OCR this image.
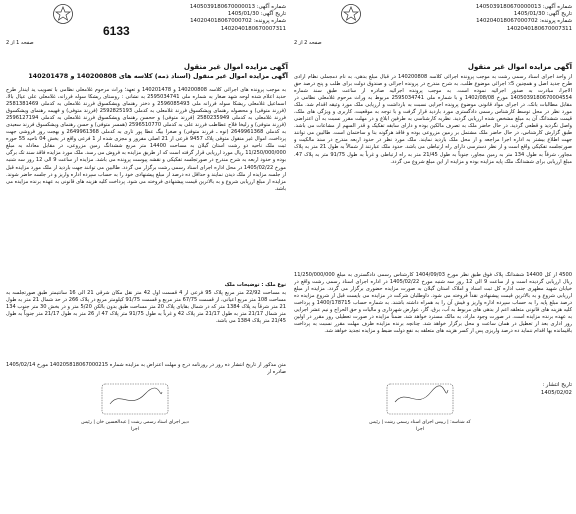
شماره آگهی: 1405039180670000013
تاریخ آگهی: 1405/01/30
شماره پرونده: 140204018067000702
1402040180670007311
6133
صفحه 1 از 2
آگهی مزایده اموال غیر منقول
آگهی مزایده اموال غیر منقول (اسناد ذمه) کلاسه های 140200808 و 140201478
به موجب پرونده های اجرائی کلاسه 140200808 و 140201478 و تعهد؛ وراث مرحوم غلامعلی نظامی با تصویب ید ایندار طرح حدید اعلام شده لوحه شهد صغار به شماره ملی 2595034741 به نشانی : روستای ریشکا سوله فرزانه، غلامعلی علی عیال بالا، اسماعیل غلامعلی ریشکا سوله فرزانه ملی 2596085493 و دختر رهنمای ویشکسوق فرزند غلامعلی به کدملی 2581381469 (فرزند متوفی) و محصوله رهنمای ویشکسوق فرزند غلامعلی به کدملی 2592825193 (فرزند متوفی) و فهیمه رهنمای ویشکسوق فرزند غلامعلی به کدملی 2580235949 (فرزند متوفی) و ححسن رهنمای ویشکسوق فرزند غلامعلی به کدملی 2596127194 (فرزند متوفی) و زلیخا فلاح عطاطب فرزند علی به کدملی 2596510770 (همسر متوفی) و حسن رهنمای ویشکسوق فرزند سعیدی به کدملی 2649961368 (نوه ـ فرزند متوفی) و صغرا بیگ عطا پور تاری به کدملی 2649961368 و بهجت روز فروشی جهت پرداخت، اموال غیر منقول متوفی پلاک 9457 فرعی از 21 اصلی مفروز و مجزی شده از 1 فرعی واقع در بخش 04 ناحیه 55 حوزه ثبت ملک ناحیه دو رشت استان گیلان به مساحت 14400 متر مربع ششدانگ زمین مزروعی، در مقابل معادله به مبلغ 11/250/000/000 ریال مورد ارزیابی قرار گرفته است که از طریق مزایده به فروش می رسد. ملک مورد مزایده فاقد سند تک برگی بوده و حدود اربعه به شرح مندرج در صورتجلسه تفکیکی و نقشه پیوست پرونده می باشد. مزایده از ساعت 9 الی 12 روز سه شنبه مورخ 1405/02/22 در محل اداره اجرای اسناد رسمی رشت برگزار می گردد. طالبین می توانند جهت بازدید از ملک مورد مزایده قبل از جلسه مزایده از ملک دیدن نمایند و حداقل ده درصد از مبلغ پیشنهادی خود را به حساب سپرده اداره واریز و در جلسه حاضر شوند. مزایده از مبلغ ارزیابی شروع و به بالاترین قیمت پیشنهادی فروخته می شود. پرداخت کلیه هزینه های قانونی به عهده برنده مزایده می باشد.
نوع ملک : توضیحات ملک
به مساحت 22/92 متر مربع پلاک 95 فرعی از 4 قسمت اول 42 متر نقل مکان شرقی 21 الی 16 سانتیمتر طبق صورتجلسه به مساحت 108 متر مربع اعیانی، از قسمت 67/75 متر مربع و قسمت 91/75 کیلومتر مربع در پلاک 266 در حد شمال 21 متر به طول 21 متر شرقاً به پلاک 1384 متر که در شمال بقایای پلاک 20 متر مساحت طبق بدون بالکن 5/20 متر و در بخش 30 متر جنوب 134 متر شمال 21/17 متر به طول 21/17 متر پلاک 42 و غرباً به طول 91/75 متر پلاک 47 از 26 متر به طول 21/17 متر جنوباً به طول 21/45 متر پلاک 1384 می باشد.
متن مذکور از تاریخ انتشار ده روز در روزنامه درج و مهلت اعتراض به مزایده شماره 140205818067000215 مورخ 1405/02/14 صادره از
دبیر اجرای اسناد رسمی رشت | عبدالحسین خان | رئیس اجرا
شماره آگهی: 1405039180670000013
تاریخ آگهی: 1405/01/30
شماره پرونده: 140204018067000702
1402040180670007311
صفحه 2 از 2
آگهی مزایده اموال غیر منقول
از واحد اجرای اسناد رسمی رشت به موجب پرونده اجرائی کلاسه 140200808 در قبال مبلغ بدهی، به نام دمجملی نظام آزادی طرح جدید اصل و همچنین 5٪ اجرائی موضوع طلب، به شرح مندرج در پرونده اجرائی و صندوق دولت برای طلب و پنج درصد حق الاجرا، مبادرت به صدور اجرائیه نموده است. به موجب پرونده اجرائیه صادره از ساعت طبق سند شماره 1405039180670004554 مورخ 1402/08/08 و با شماره ملی 2595034741 مربوط به وراث مرحوم غلامعلی نظامی در مقابل مطالبات بانک، در اجرای مواد قانونی موضوع پرونده اجرایی نسبت به بازداشت و ارزیابی ملک مورد وثیقه اقدام شد. ملک مورد نظر در محل توسط کارشناس رسمی دادگستری مورد بازدید قرار گرفت و با توجه به موقعیت، کاربری و ویژگی های ملک، قیمت ششدانگ آن به مبلغ مشخص شده ارزیابی گردید. نظریه کارشناسی به طرفین ابلاغ و در مهلت مقرر نسبت به آن اعتراضی واصل نگردید و قطعی گردید. در حال حاضر ملک به تصرف مالکین بوده و دارای سابقه تفکیک و قدر السهم از مشاعات می باشد. طبق گزارش کارشناس، در حال حاضر ملک مشتمل بر زمین مزروعی بوده و فاقد هرگونه بنا و ساختمان است. طالبین می توانند جهت اطلاع بیشتر به اداره اجرا مراجعه و از محل ملک بازدید نمایند. ملک مورد نظر در حدود اربعه مندرج در سند مالکیت و صورتجلسه تفکیکی واقع است و از نظر دسترسی دارای راه ارتباطی می باشد. حدود ملک عبارتند از شمالاً به طول 21 متر به پلاک مجاور، شرقاً به طول 134 متر به زمین مجاور، جنوباً به طول 21/45 متر به راه ارتباطی و غرباً به طول 91/75 متر به پلاک 47. مبلغ ارزیابی برای ششدانگ ملک پایه مزایده بوده و مزایده از این مبلغ شروع می گردد.
4500 از کل 14400 ششدانگ پلاک فوق طبق نظر مورخ 1404/09/03 کارشناس رسمی دادگستری به مبلغ 11/250/000/000 ریال ارزیابی گردیده است و از ساعت 9 الی 12 روز سه شنبه مورخ 1405/02/22 در اداره اجرای اسناد رسمی رشت واقع در خیابان شهید مطهری جنب اداره کل ثبت اسناد و املاک استان گیلان به صورت مزایده حضوری برگزار می گردد. مزایده از مبلغ ارزیابی شروع و به بالاترین قیمت پیشنهادی نقداً فروخته می شود. داوطلبان شرکت در مزایده می بایست قبل از شروع مزایده ده درصد مبلغ پایه را به حساب سپرده اداره واریز و فیش آن را به همراه داشته باشند. به شماره حساب 1400/178715 و پرداخت کلیه هزینه های قانونی متعلقه اعم از بدهی های مربوط به آب، برق، گاز، عوارض شهرداری و مالیات و حق الحراج و نیم عشر اجرایی به عهده برنده مزایده است. در صورت وجود مازاد، به مالک مسترد خواهد شد. ضمناً مزایده در صورت تعطیلی روز مقرر در اولین روز اداری بعد از تعطیل در همان ساعت و محل برگزار خواهد شد. چنانچه برنده مزایده ظرف مهلت مقرر نسبت به پرداخت باقیمانده بها اقدام ننماید ده درصد واریزی پس از کسر هزینه های متعلقه به نفع دولت ضبط و مزایده تجدید خواهد شد.
تاریخ انتشار :
1405/02/02
کد شناسه: | رییس اجرای اسناد رسمی رشت | رئیس اجرا
